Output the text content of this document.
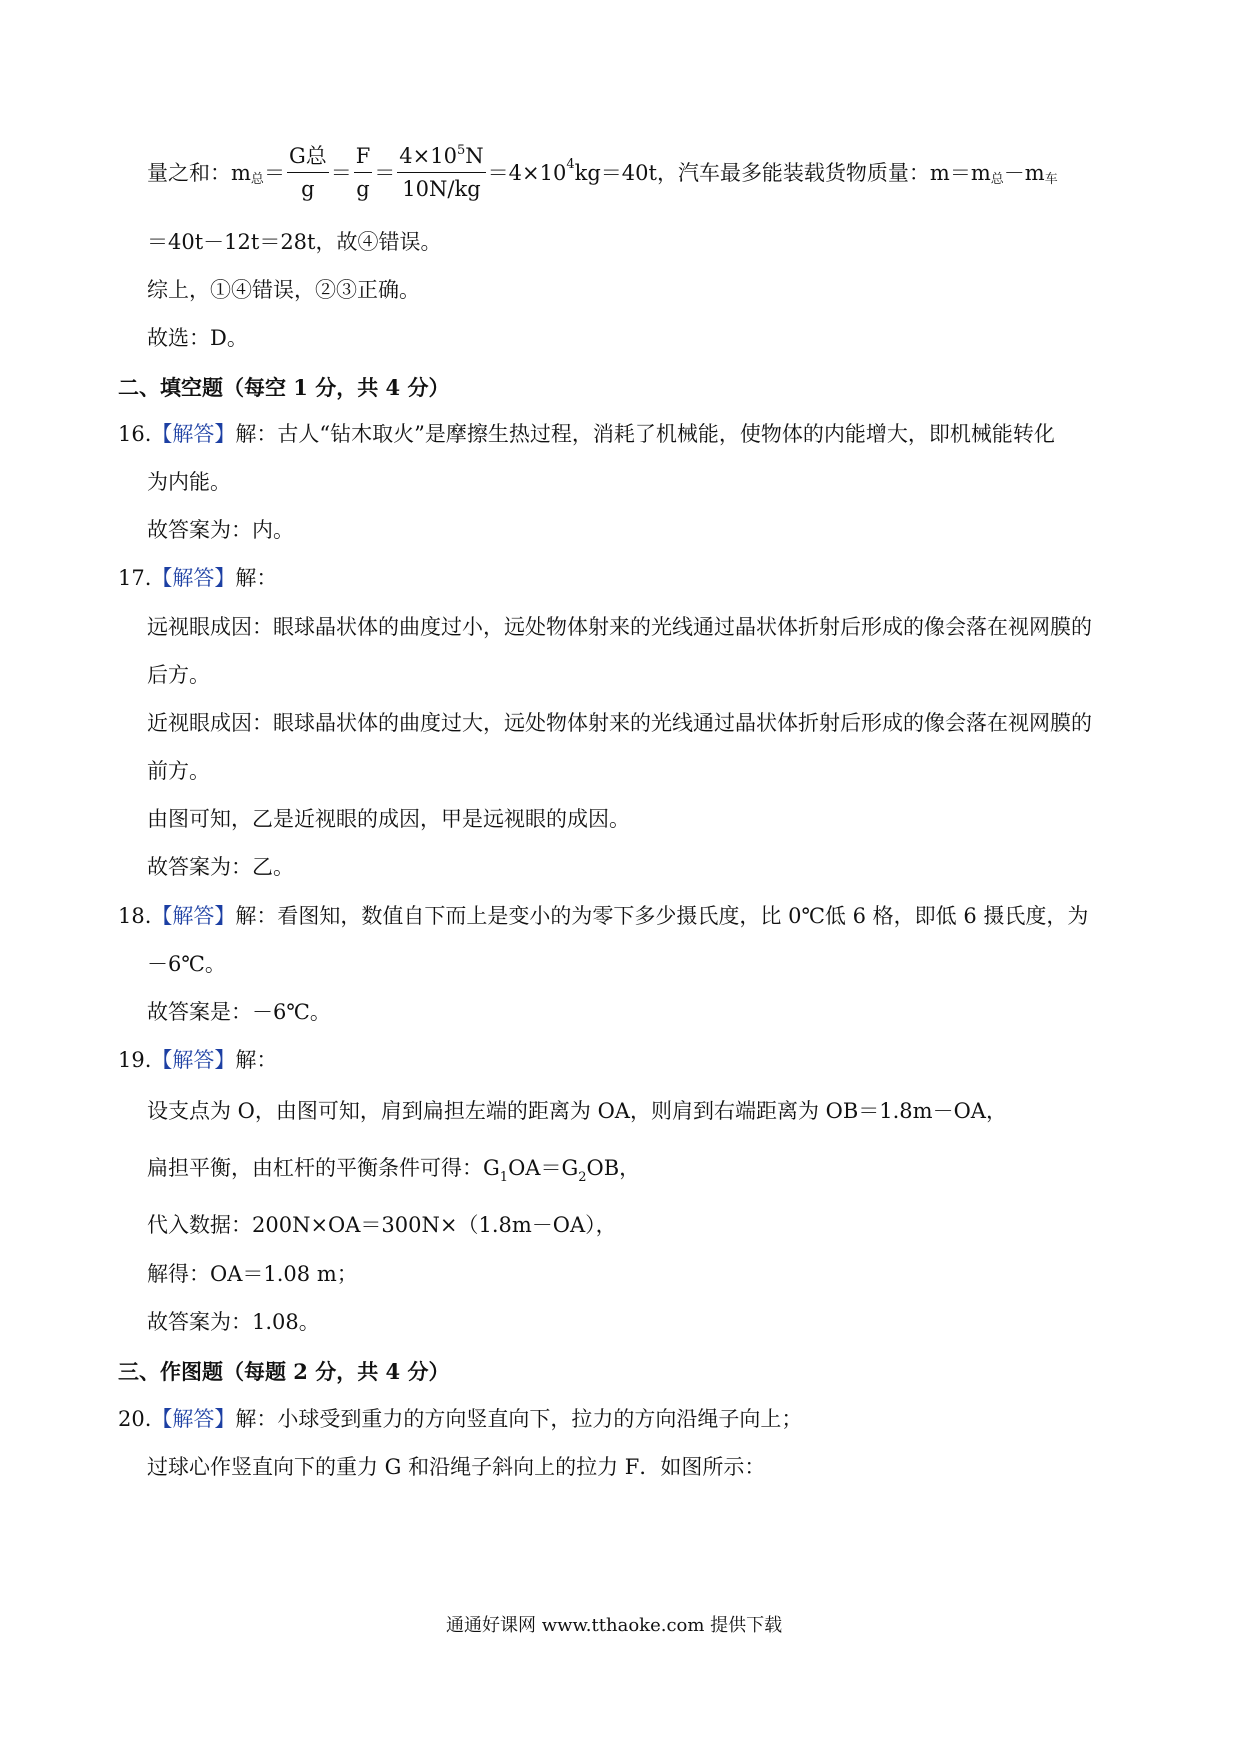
量之和：m 总 ＝ $\frac{\text{G总}}{g} = \frac{F}{g} = \frac{4\times 10^5N}{10N/kg} =4\times 10$ 4 kg＝40t，汽车最多能装载货物质量：m＝m 总 －m 车
＝40t－12t＝28t，故④错误。
综上，①④错误，②③正确。
故选：D。
二、填空题（每空 1 分，共 4 分）
16.【解答】解：古人“钻木取火”是摩擦生热过程，消耗了机械能，使物体的内能增大，即机械能转化
为内能。
故答案为：内。
17.【解答】解：
远视眼成因：眼球晶状体的曲度过小，远处物体射来的光线通过晶状体折射后形成的像会落在视网膜的
后方。
近视眼成因：眼球晶状体的曲度过大，远处物体射来的光线通过晶状体折射后形成的像会落在视网膜的
前方。
由图可知，乙是近视眼的成因，甲是远视眼的成因。
故答案为：乙。
18.【解答】解：看图知，数值自下而上是变小的为零下多少摄氏度，比 0℃低 6 格，即低 6 摄氏度，为
－6℃。
故答案是：－6℃。
19.【解答】解：
设支点为 O，由图可知，肩到扁担左端的距离为 OA，则肩到右端距离为 OB＝1.8m－OA，
扁担平衡，由杠杆的平衡条件可得：$G_1OA=G_2OB$，
代入数据：200N×OA＝300N×（1.8m－OA），
解得：OA＝1.08 m；
故答案为：1.08。
三、作图题（每题 2 分，共 4 分）
20.【解答】解：小球受到重力的方向竖直向下，拉力的方向沿绳子向上；
过球心作竖直向下的重力 G 和沿绳子斜向上的拉力 F．如图所示：
通通好课网 www.tthaoke.com 提供下载
